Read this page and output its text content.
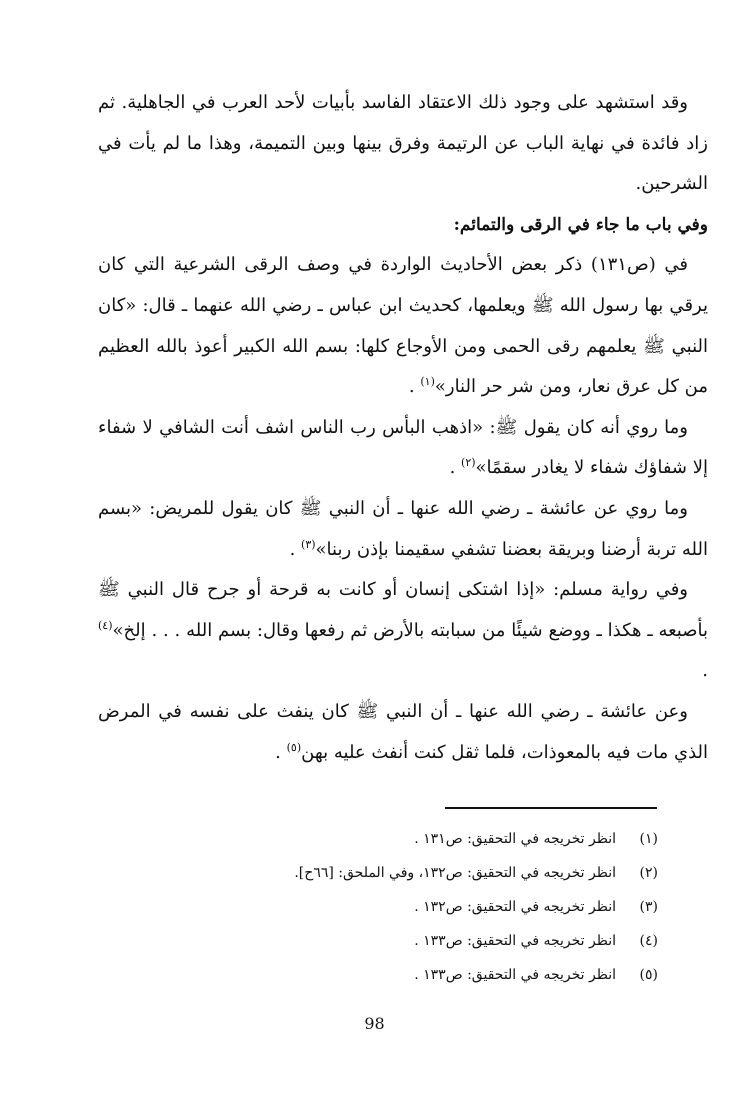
وقد استشهد على وجود ذلك الاعتقاد الفاسد بأبيات لأحد العرب في الجاهلية. ثم زاد فائدة في نهاية الباب عن الرتيمة وفرق بينها وبين التميمة، وهذا ما لم يأت في الشرحين.

وفي باب ما جاء في الرقى والتمائم:

في (ص١٣١) ذكر بعض الأحاديث الواردة في وصف الرقى الشرعية التي كان يرقي بها رسول الله ﷺ ويعلمها، كحديث ابن عباس ـ رضي الله عنهما ـ قال: «كان النبي ﷺ يعلمهم رقى الحمى ومن الأوجاع كلها: بسم الله الكبير أعوذ بالله العظيم من كل عرق نعار، ومن شر حر النار»$^{(١)}$ .

وما روي أنه كان يقول ﷺ: «اذهب البأس رب الناس اشف أنت الشافي لا شفاء إلا شفاؤك شفاء لا يغادر سقمًا»$^{(٢)}$ .

وما روي عن عائشة ـ رضي الله عنها ـ أن النبي ﷺ كان يقول للمريض: «بسم الله تربة أرضنا وبريقة بعضنا تشفي سقيمنا بإذن ربنا»$^{(٣)}$ .

وفي رواية مسلم: «إذا اشتكى إنسان أو كانت به قرحة أو جرح قال النبي ﷺ بأصبعه ـ هكذا ـ ووضع شيئًا من سبابته بالأرض ثم رفعها وقال: بسم الله . . . إلخ»$^{(٤)}$ .

وعن عائشة ـ رضي الله عنها ـ أن النبي ﷺ كان ينفث على نفسه في المرض الذي مات فيه بالمعوذات، فلما ثقل كنت أنفث عليه بهن$^{(٥)}$ .

(١)انظر تخريجه في التحقيق: ص١٣١ .

(٢)انظر تخريجه في التحقيق: ص١٣٢، وفي الملحق: [٦٦ح].

(٣)انظر تخريجه في التحقيق: ص١٣٢ .

(٤)انظر تخريجه في التحقيق: ص١٣٣ .

(٥)انظر تخريجه في التحقيق: ص١٣٣ .

98
